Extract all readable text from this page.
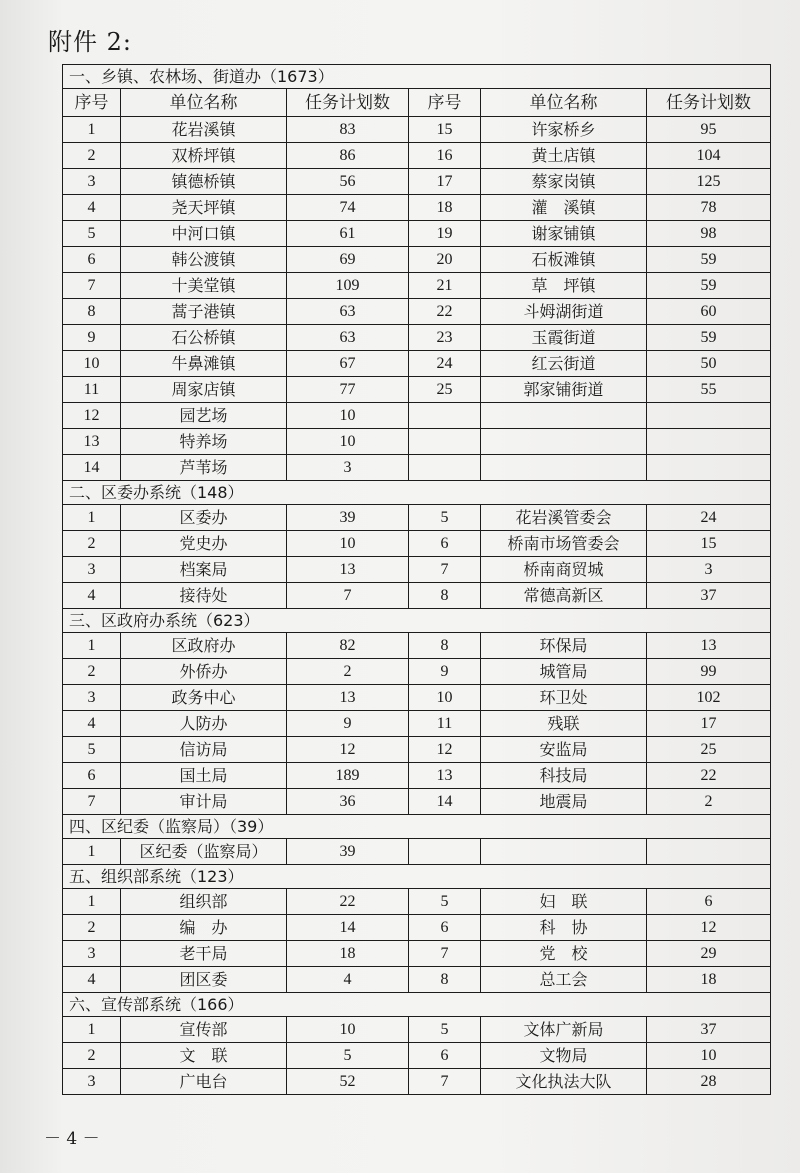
附件 2:
一、乡镇、农林场、街道办（1673）					
序号	单位名称	任务计划数	序号	单位名称	任务计划数
1	花岩溪镇	83	15	许家桥乡	95
2	双桥坪镇	86	16	黄土店镇	104
3	镇德桥镇	56	17	蔡家岗镇	125
4	尧天坪镇	74	18	灌　溪镇	78
5	中河口镇	61	19	谢家铺镇	98
6	韩公渡镇	69	20	石板滩镇	59
7	十美堂镇	109	21	草　坪镇	59
8	蒿子港镇	63	22	斗姆湖街道	60
9	石公桥镇	63	23	玉霞街道	59
10	牛鼻滩镇	67	24	红云街道	50
11	周家店镇	77	25	郭家铺街道	55
12	园艺场	10			
13	特养场	10			
14	芦苇场	3			
二、区委办系统（148）					
1	区委办	39	5	花岩溪管委会	24
2	党史办	10	6	桥南市场管委会	15
3	档案局	13	7	桥南商贸城	3
4	接待处	7	8	常德高新区	37
三、区政府办系统（623）					
1	区政府办	82	8	环保局	13
2	外侨办	2	9	城管局	99
3	政务中心	13	10	环卫处	102
4	人防办	9	11	残联	17
5	信访局	12	12	安监局	25
6	国土局	189	13	科技局	22
7	审计局	36	14	地震局	2
四、区纪委（监察局）（39）					
1	区纪委（监察局）	39			
五、组织部系统（123）					
1	组织部	22	5	妇　联	6
2	编　办	14	6	科　协	12
3	老干局	18	7	党　校	29
4	团区委	4	8	总工会	18
六、宣传部系统（166）					
1	宣传部	10	5	文体广新局	37
2	文　联	5	6	文物局	10
3	广电台	52	7	文化执法大队	28
－ 4 －
